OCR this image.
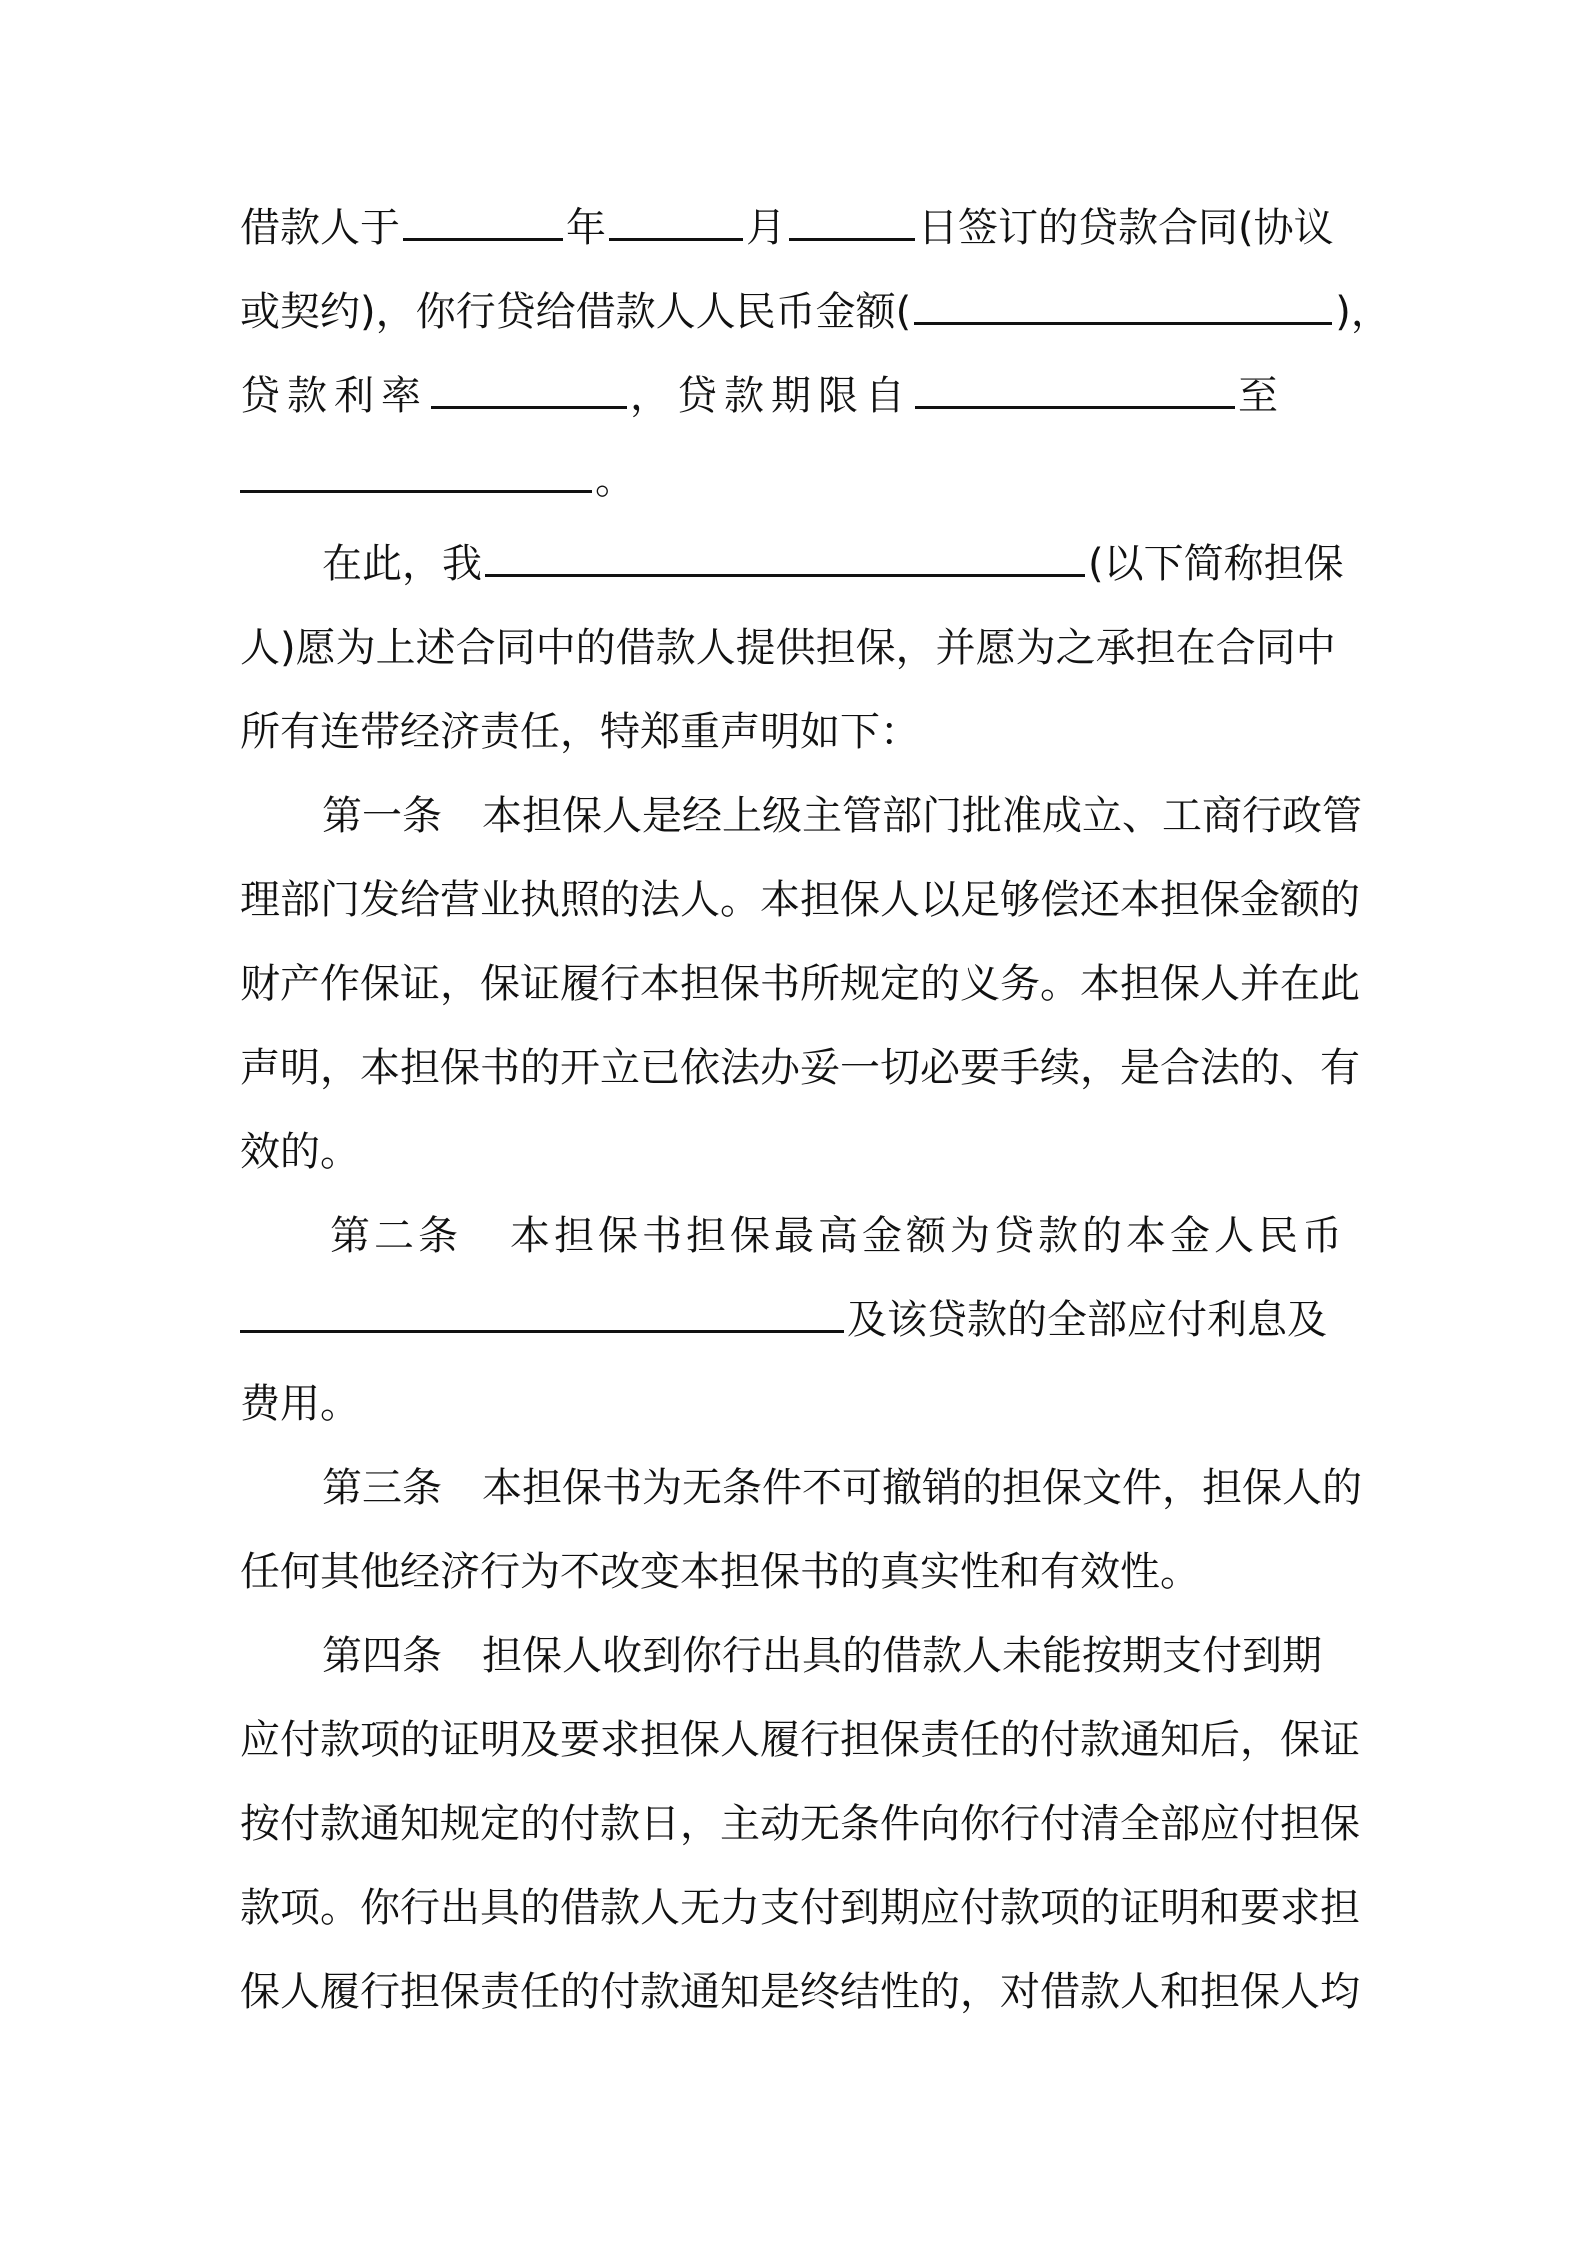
借款人于	年	月	日签订的贷款合同(协议
或契约)，你行贷给借款人人民币金额(	)，
贷款利率	，贷款期限自	至
。
在此，我	(以下简称担保
人)愿为上述合同中的借款人提供担保，并愿为之承担在合同中
所有连带经济责任，特郑重声明如下：
第一条 本担保人是经上级主管部门批准成立、工商行政管
理部门发给营业执照的法人。本担保人以足够偿还本担保金额的
财产作保证，保证履行本担保书所规定的义务。本担保人并在此
声明，本担保书的开立已依法办妥一切必要手续，是合法的、有
效的。
第二条 本担保书担保最高金额为贷款的本金人民币
及该贷款的全部应付利息及
费用。
第三条 本担保书为无条件不可撤销的担保文件，担保人的
任何其他经济行为不改变本担保书的真实性和有效性。
第四条 担保人收到你行出具的借款人未能按期支付到期
应付款项的证明及要求担保人履行担保责任的付款通知后，保证
按付款通知规定的付款日，主动无条件向你行付清全部应付担保
款项。你行出具的借款人无力支付到期应付款项的证明和要求担
保人履行担保责任的付款通知是终结性的，对借款人和担保人均
